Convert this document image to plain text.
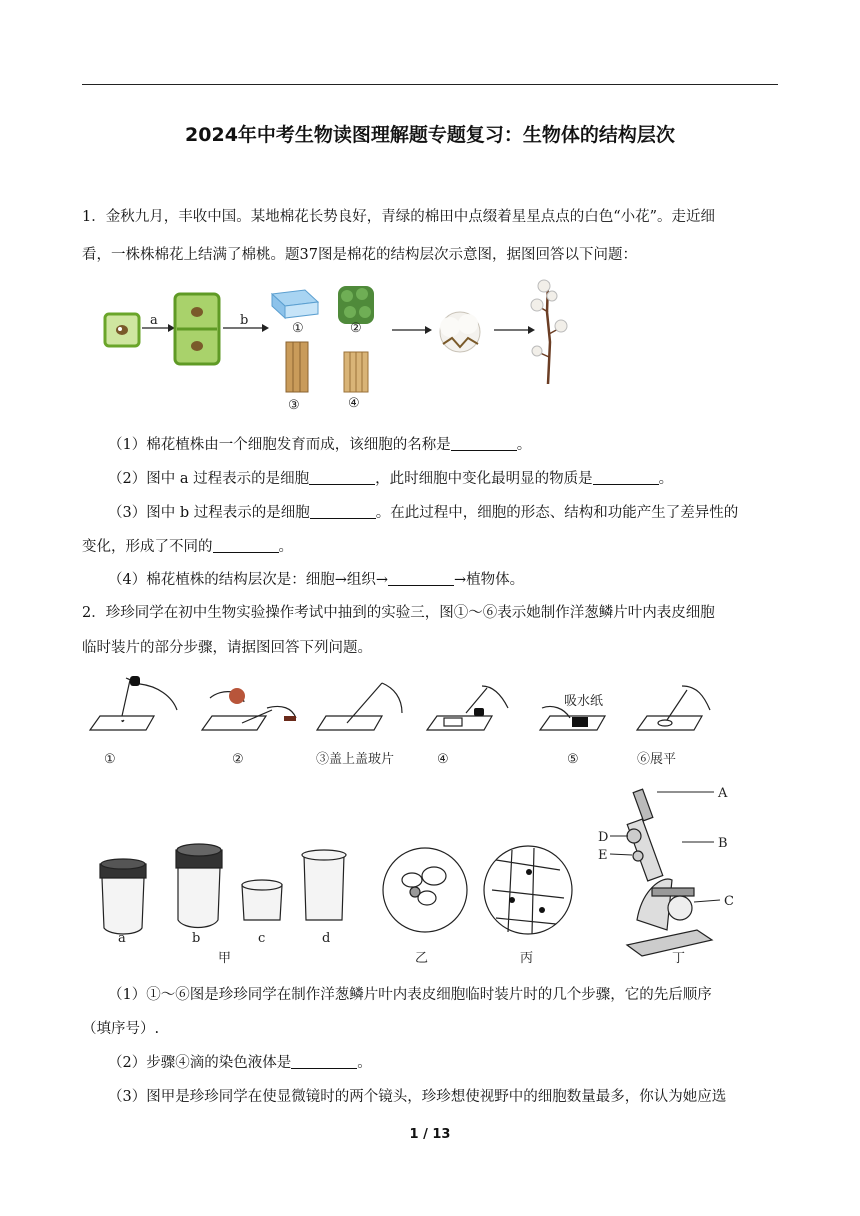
2024年中考生物读图理解题专题复习：生物体的结构层次
1．金秋九月，丰收中国。某地棉花长势良好，青绿的棉田中点缀着星星点点的白色“小花”。走近细
看，一株株棉花上结满了棉桃。题37图是棉花的结构层次示意图，据图回答以下问题：
a	b
①	②
③	④
（1）棉花植株由一个细胞发育而成，该细胞的名称是	。
（2）图中 a 过程表示的是细胞	，此时细胞中变化最明显的物质是	。
（3）图中 b 过程表示的是细胞	。在此过程中，细胞的形态、结构和功能产生了差异性的
变化，形成了不同的	。
（4）棉花植株的结构层次是：细胞→组织→	→植物体。
2．珍珍同学在初中生物实验操作考试中抽到的实验三，图①～⑥表示她制作洋葱鳞片叶内表皮细胞
临时装片的部分步骤，请据图回答下列问题。
吸水纸
①	②	③盖上盖玻片	④	⑤	⑥展平
a	b	c	d
甲	乙	丙	丁
A
B
C
D
E
（1）①～⑥图是珍珍同学在制作洋葱鳞片叶内表皮细胞临时装片时的几个步骤，它的先后顺序
（填序号）.
（2）步骤④滴的染色液体是	。
（3）图甲是珍珍同学在使显微镜时的两个镜头，珍珍想使视野中的细胞数量最多，你认为她应选
1 / 13
